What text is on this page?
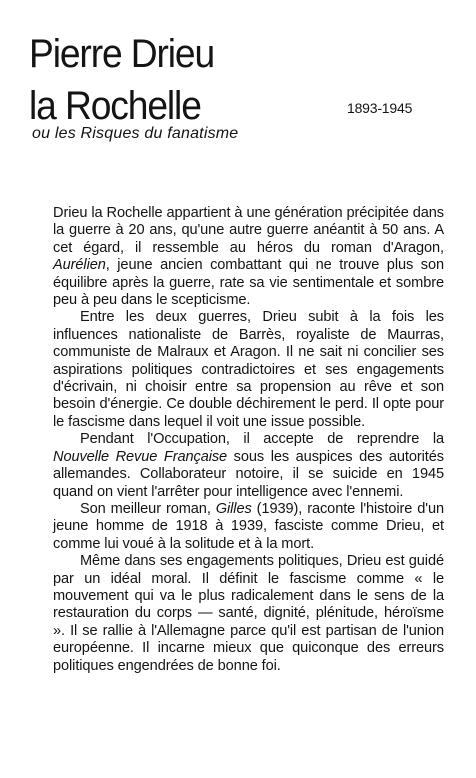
Pierre Drieu
la Rochelle	1893-1945
ou les Risques du fanatisme

Drieu la Rochelle appartient à une génération précipitée dans la guerre à 20 ans, qu'une autre guerre anéantit à 50 ans. A cet égard, il ressemble au héros du roman d'Aragon, Aurélien, jeune ancien combattant qui ne trouve plus son équilibre après la guerre, rate sa vie sentimentale et sombre peu à peu dans le scepticisme.

Entre les deux guerres, Drieu subit à la fois les influences nationaliste de Barrès, royaliste de Maurras, communiste de Malraux et Aragon. Il ne sait ni concilier ses aspirations politiques contradictoires et ses engagements d'écrivain, ni choisir entre sa propension au rêve et son besoin d'énergie. Ce double déchirement le perd. Il opte pour le fascisme dans lequel il voit une issue possible.

Pendant l'Occupation, il accepte de reprendre la Nouvelle Revue Française sous les auspices des autorités allemandes. Collaborateur notoire, il se suicide en 1945 quand on vient l'arrêter pour intelligence avec l'ennemi.

Son meilleur roman, Gilles (1939), raconte l'histoire d'un jeune homme de 1918 à 1939, fasciste comme Drieu, et comme lui voué à la solitude et à la mort.

Même dans ses engagements politiques, Drieu est guidé par un idéal moral. Il définit le fascisme comme « le mouvement qui va le plus radicalement dans le sens de la restauration du corps — santé, dignité, plénitude, héroïsme ». Il se rallie à l'Allemagne parce qu'il est partisan de l'union européenne. Il incarne mieux que quiconque des erreurs politiques engendrées de bonne foi.
